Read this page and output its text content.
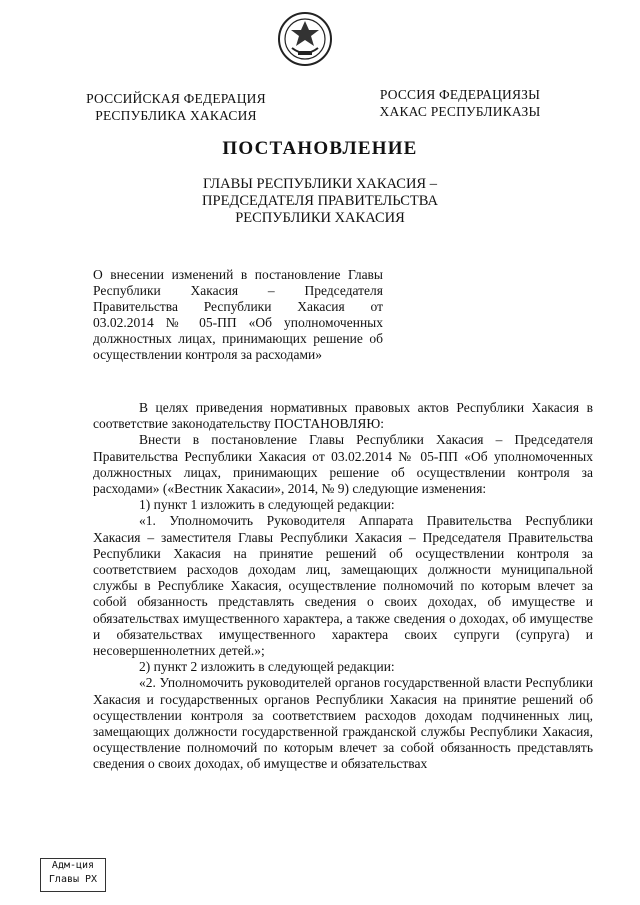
РОССИЙСКАЯ ФЕДЕРАЦИЯ
РЕСПУБЛИКА ХАКАСИЯ
РОССИЯ ФЕДЕРАЦИЯЗЫ
ХАКАС РЕСПУБЛИКАЗЫ
ПОСТАНОВЛЕНИЕ
ГЛАВЫ РЕСПУБЛИКИ ХАКАСИЯ –
ПРЕДСЕДАТЕЛЯ ПРАВИТЕЛЬСТВА
РЕСПУБЛИКИ ХАКАСИЯ
О внесении изменений в постановление Главы
Республики Хакасия – Председателя
Правительства Республики Хакасия от
03.02.2014 № 05-ПП «Об уполномоченных
должностных лицах, принимающих решение об
осуществлении контроля за расходами»

В целях приведения нормативных правовых актов Республики Хакасия в соответствие законодательству ПОСТАНОВЛЯЮ:

Внести в постановление Главы Республики Хакасия – Председателя Правительства Республики Хакасия от 03.02.2014 № 05-ПП «Об уполномоченных должностных лицах, принимающих решение об осуществлении контроля за расходами» («Вестник Хакасии», 2014, № 9) следующие изменения:

1) пункт 1 изложить в следующей редакции:

«1. Уполномочить Руководителя Аппарата Правительства Республики Хакасия – заместителя Главы Республики Хакасия – Председателя Правительства Республики Хакасия на принятие решений об осуществлении контроля за соответствием расходов доходам лиц, замещающих должности муниципальной службы в Республике Хакасия, осуществление полномочий по которым влечет за собой обязанность представлять сведения о своих доходах, об имуществе и обязательствах имущественного характера, а также сведения о доходах, об имуществе и обязательствах имущественного характера своих супруги (супруга) и несовершеннолетних детей.»;

2) пункт 2 изложить в следующей редакции:

«2. Уполномочить руководителей органов государственной власти Республики Хакасия и государственных органов Республики Хакасия на принятие решений об осуществлении контроля за соответствием расходов доходам подчиненных лиц, замещающих должности государственной гражданской службы Республики Хакасия, осуществление полномочий по которым влечет за собой обязанность представлять сведения о своих доходах, об имуществе и обязательствах

Адм-ция
Главы РХ
